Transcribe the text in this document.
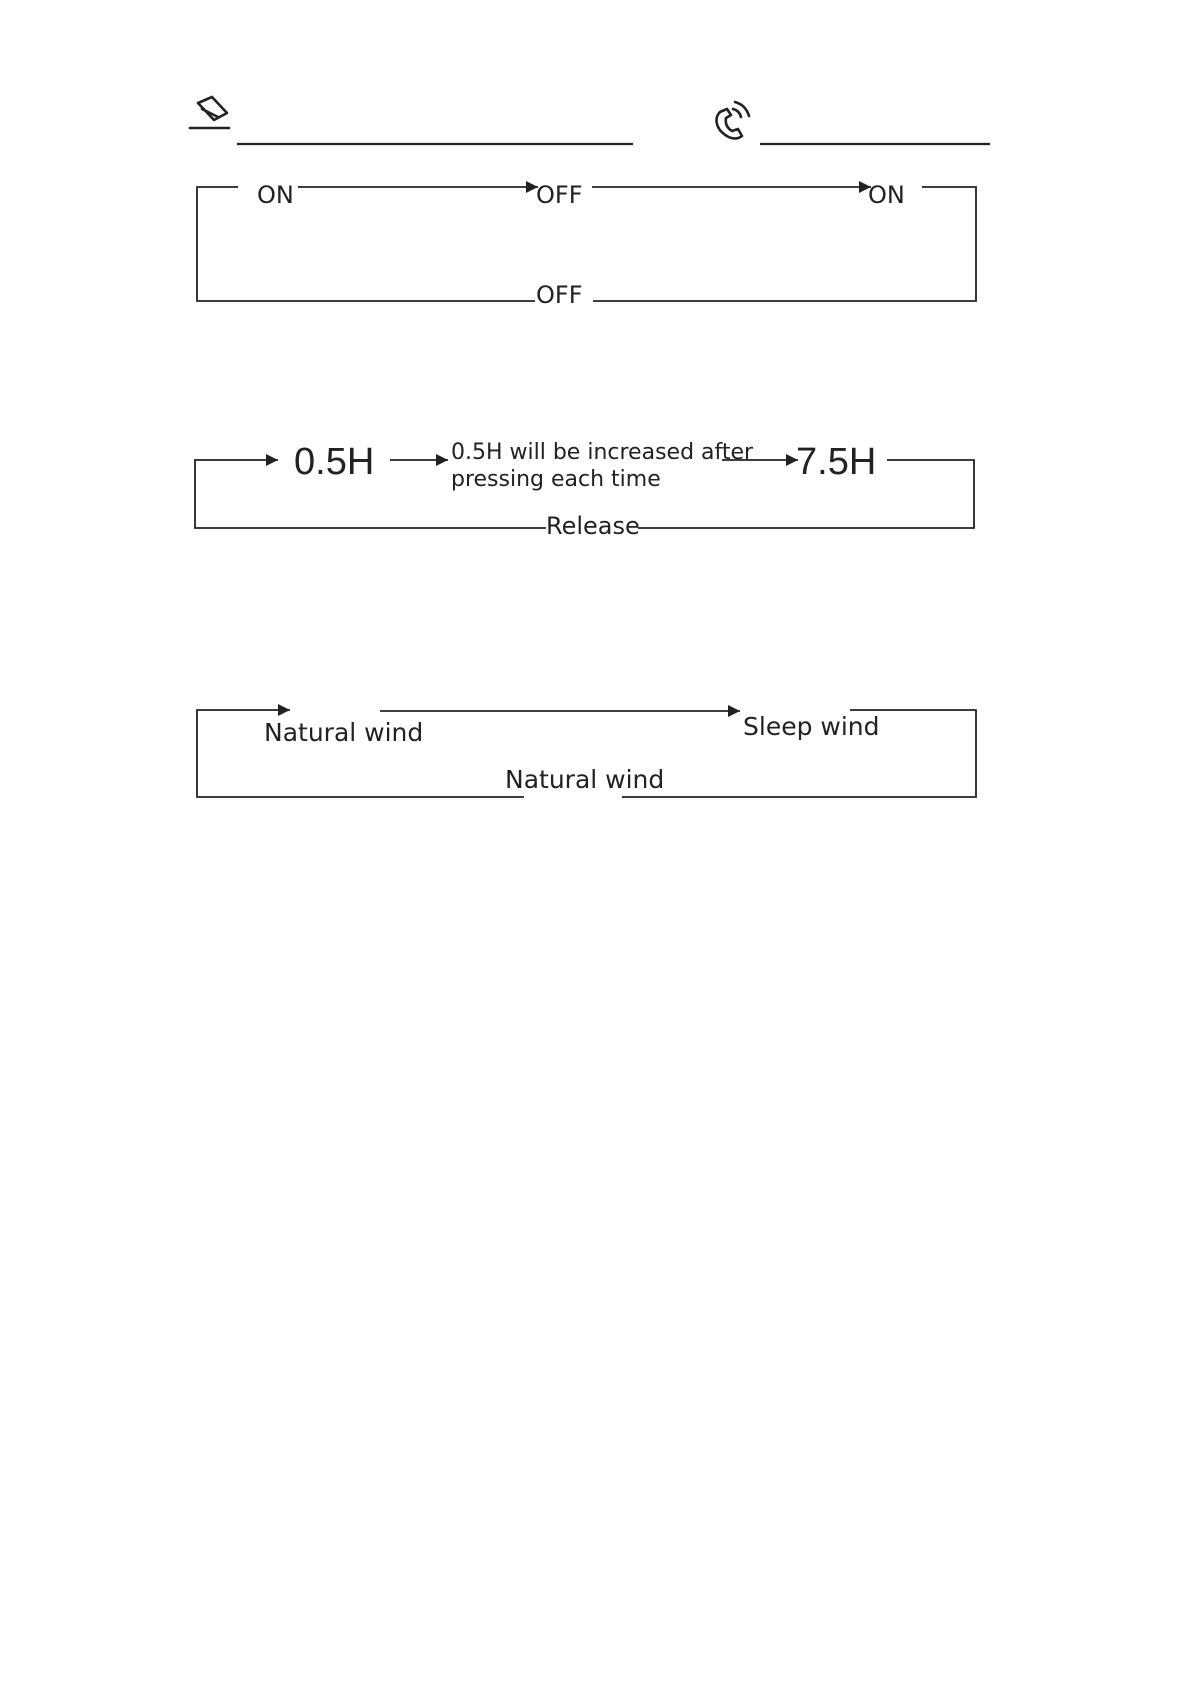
ON	OFF	ON
OFF
0.5H	0.5H will be increased after
pressing each time	7.5H
Release
Natural wind	Sleep wind
Natural wind
